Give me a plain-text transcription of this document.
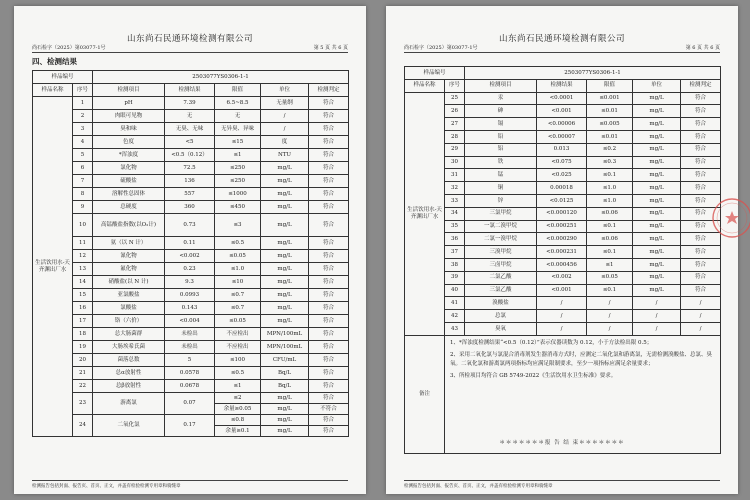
山东尚石民通环境检测有限公司
尚石检字（2025）第03077-1号	第 5 页 共 6 页
四、检测结果
样品编号		2503077YS0306-1-1				
样品名称	序号	检测项目	检测结果	限值	单位	检测判定
生活饮用水-天齐渊出厂水	1	pH	7.39	6.5~8.5	无量纲	符合
	2	肉眼可见物	无	无	/	符合
	3	臭和味	无臭、无味	无异臭、异味	/	符合
	4	色度	<5	≤15	度	符合
	5	*浑浊度	<0.5（0.12）	≤1	NTU	符合
	6	氯化物	72.5	≤250	mg/L	符合
	7	硫酸盐	136	≤250	mg/L	符合
	8	溶解性总固体	557	≤1000	mg/L	符合
	9	总硬度	360	≤450	mg/L	符合
	10	高锰酸盐指数(以O₂计)	0.73	≤3	mg/L	符合
	11	氨（以 N 计）	0.11	≤0.5	mg/L	符合
	12	氰化物	<0.002	≤0.05	mg/L	符合
	13	氟化物	0.23	≤1.0	mg/L	符合
	14	硝酸盐(以 N 计)	9.3	≤10	mg/L	符合
	15	亚氯酸盐	0.0993	≤0.7	mg/L	符合
	16	氯酸盐	0.143	≤0.7	mg/L	符合
	17	铬（六价）	<0.004	≤0.05	mg/L	符合
	18	总大肠菌群	未检出	不应检出	MPN/100mL	符合
	19	大肠埃希氏菌	未检出	不应检出	MPN/100mL	符合
	20	菌落总数	5	≤100	CFU/mL	符合
	21	总α放射性	0.0578	≤0.5	Bq/L	符合
	22	总β放射性	0.0678	≤1	Bq/L	符合
	23	游离氯	0.07	≤2	mg/L	符合
				余量≥0.05	mg/L	不符合
	24	二氧化氯	0.17	≤0.8	mg/L	符合
				余量≥0.1	mg/L	符合
检测报告包括封面、报告页、首页、正文，并盖有检验检测专用章和骑缝章
山东尚石民通环境检测有限公司
尚石检字（2025）第03077-1号	第 6 页 共 6 页
样品编号		2503077YS0306-1-1				
样品名称	序号	检测项目	检测结果	限值	单位	检测判定
生活饮用水-天齐渊出厂水	25	汞	<0.0001	≤0.001	mg/L	符合
	26	砷	<0.001	≤0.01	mg/L	符合
	27	镉	<0.00006	≤0.005	mg/L	符合
	28	铅	<0.00007	≤0.01	mg/L	符合
	29	铝	0.013	≤0.2	mg/L	符合
	30	铁	<0.075	≤0.3	mg/L	符合
	31	锰	<0.025	≤0.1	mg/L	符合
	32	铜	0.00018	≤1.0	mg/L	符合
	33	锌	<0.0125	≤1.0	mg/L	符合
	34	三氯甲烷	<0.000120	≤0.06	mg/L	符合
	35	一氯二溴甲烷	<0.000251	≤0.1	mg/L	符合
	36	二氯一溴甲烷	<0.000290	≤0.06	mg/L	符合
	37	三溴甲烷	<0.000231	≤0.1	mg/L	符合
	38	三卤甲烷	<0.000456	≤1	mg/L	符合
	39	二氯乙酸	<0.002	≤0.05	mg/L	符合
	40	三氯乙酸	<0.001	≤0.1	mg/L	符合
	41	溴酸盐	/	/	/	/
	42	总氯	/	/	/	/
	43	臭氧	/	/	/	/
备注	1、*浑浊度检测结果“<0.5（0.12）”表示仪器读数为 0.12，小于方法检出限 0.5；

2、采用二氧化氯与氯混合消毒剂发生器消毒方式时，应测定二氧化氯和游离氯，无需检测溴酸盐、总氯、臭氧。二氧化氯和游离氯两项指标均应满足限制要求，至少一项指标应满足余量要求；

3、所检项目均符合 GB 5749-2022《生活饮用水卫生标准》要求。					

＊＊＊＊＊＊＊报 告 结 束＊＊＊＊＊＊＊
检测报告包括封面、报告页、首页、正文，并盖有检验检测专用章和骑缝章
